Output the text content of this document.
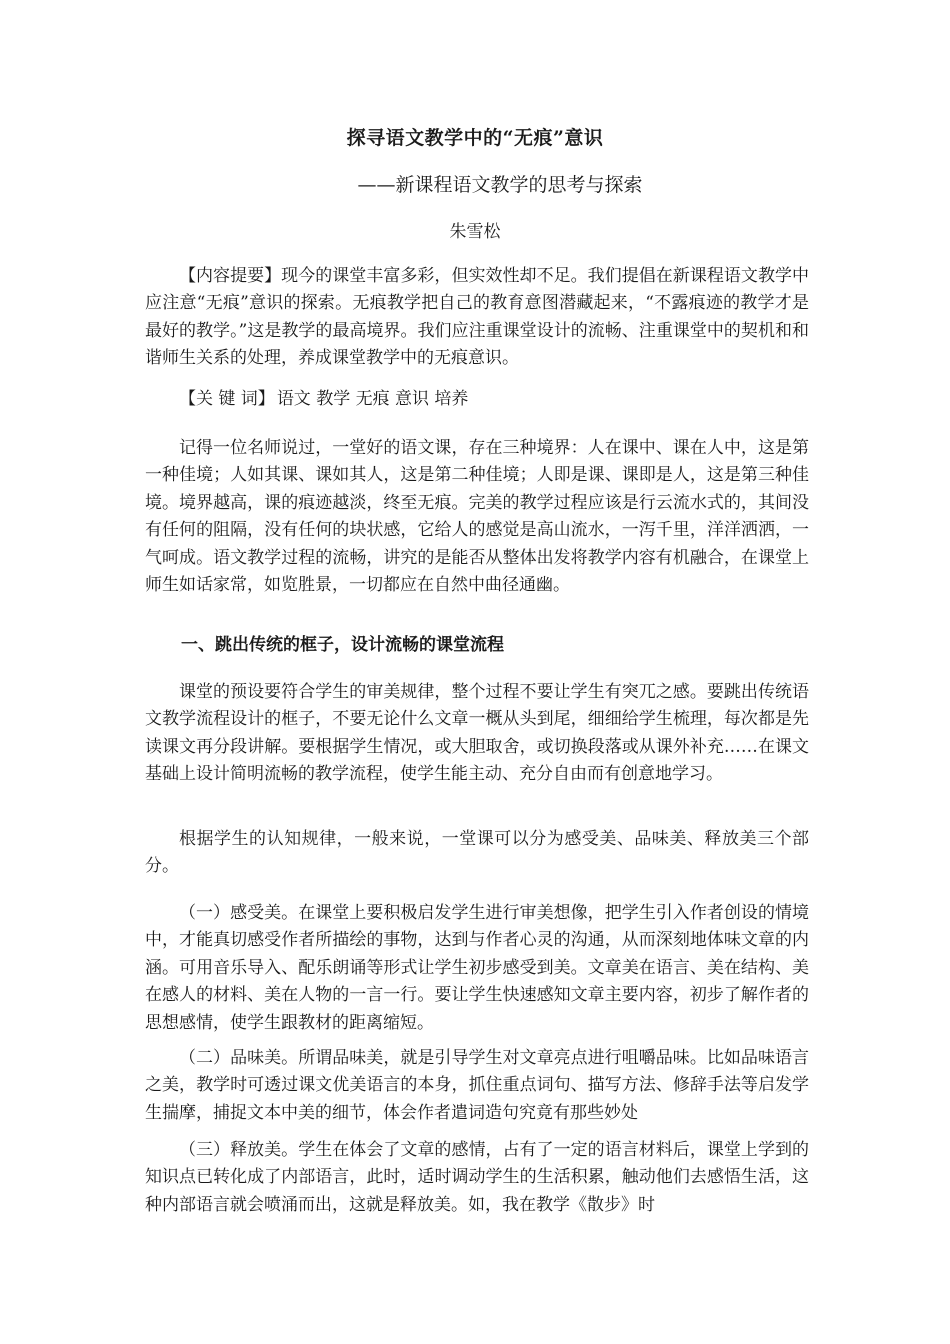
探寻语文教学中的“无痕”意识
——新课程语文教学的思考与探索
朱雪松

【内容提要】现今的课堂丰富多彩，但实效性却不足。我们提倡在新课程语文教学中应注意“无痕”意识的探索。无痕教学把自己的教育意图潜藏起来，“不露痕迹的教学才是最好的教学。”这是教学的最高境界。我们应注重课堂设计的流畅、注重课堂中的契机和和谐师生关系的处理，养成课堂教学中的无痕意识。

【关 键 词】 语文 教学 无痕 意识 培养

记得一位名师说过，一堂好的语文课，存在三种境界：人在课中、课在人中，这是第一种佳境；人如其课、课如其人，这是第二种佳境；人即是课、课即是人，这是第三种佳境。境界越高，课的痕迹越淡，终至无痕。完美的教学过程应该是行云流水式的，其间没有任何的阻隔，没有任何的块状感，它给人的感觉是高山流水，一泻千里，洋洋洒洒，一气呵成。语文教学过程的流畅，讲究的是能否从整体出发将教学内容有机融合，在课堂上师生如话家常，如览胜景，一切都应在自然中曲径通幽。

一、跳出传统的框子，设计流畅的课堂流程

课堂的预设要符合学生的审美规律，整个过程不要让学生有突兀之感。要跳出传统语文教学流程设计的框子，不要无论什么文章一概从头到尾，细细给学生梳理，每次都是先读课文再分段讲解。要根据学生情况，或大胆取舍，或切换段落或从课外补充……在课文基础上设计简明流畅的教学流程，使学生能主动、充分自由而有创意地学习。

根据学生的认知规律，一般来说，一堂课可以分为感受美、品味美、释放美三个部分。

（一）感受美。在课堂上要积极启发学生进行审美想像，把学生引入作者创设的情境中，才能真切感受作者所描绘的事物，达到与作者心灵的沟通，从而深刻地体味文章的内涵。可用音乐导入、配乐朗诵等形式让学生初步感受到美。文章美在语言、美在结构、美在感人的材料、美在人物的一言一行。要让学生快速感知文章主要内容，初步了解作者的思想感情，使学生跟教材的距离缩短。

（二）品味美。所谓品味美，就是引导学生对文章亮点进行咀嚼品味。比如品味语言之美，教学时可透过课文优美语言的本身，抓住重点词句、描写方法、修辞手法等启发学生揣摩，捕捉文本中美的细节，体会作者遣词造句究竟有那些妙处

（三）释放美。学生在体会了文章的感情，占有了一定的语言材料后，课堂上学到的知识点已转化成了内部语言，此时，适时调动学生的生活积累，触动他们去感悟生活，这种内部语言就会喷涌而出，这就是释放美。如，我在教学《散步》时
